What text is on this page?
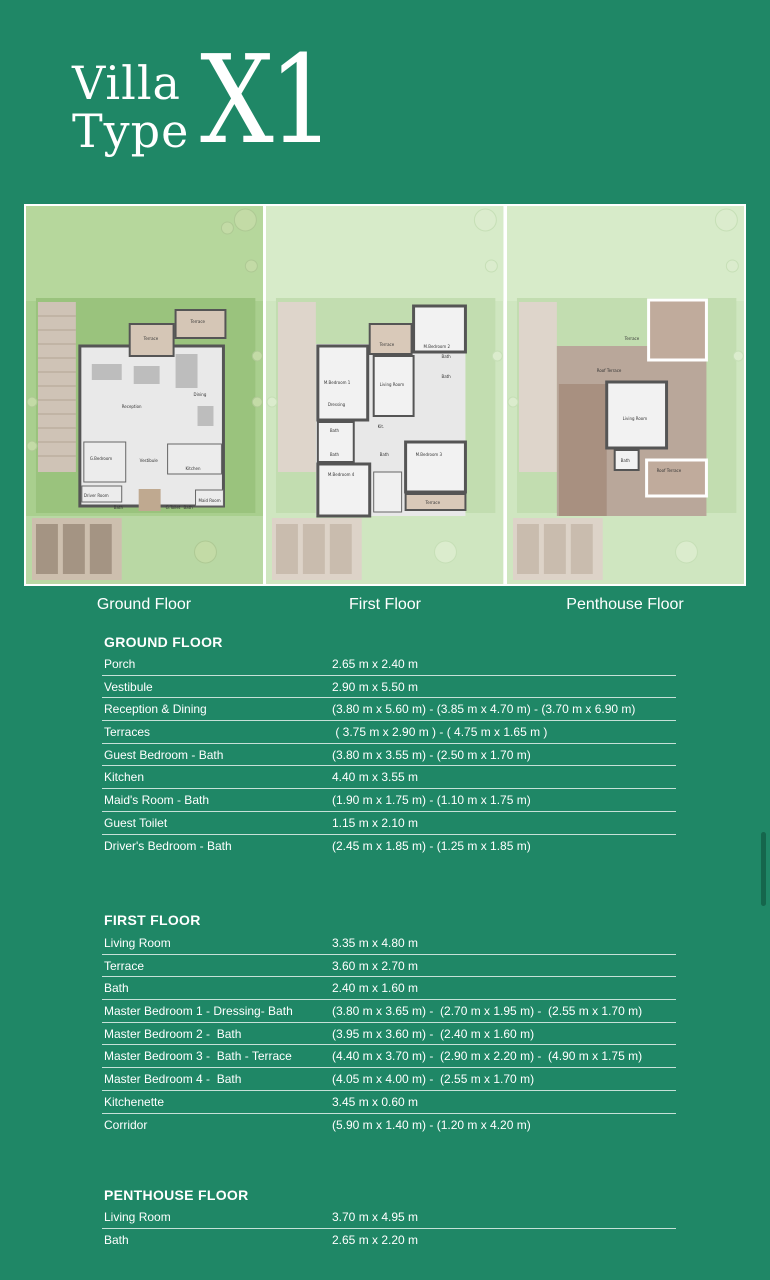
Villa
Type X1
Terrace
Terrace
Dining
Reception
G.Bedroom	Vestibule
Kitchen
Driver Room
Bath	G.Toilet Bath
Maid Room
Terrace	M.Bedroom 2
Bath
Bath
M.Bedroom 1	Living Room
Dressing
Bath
Kit.
Bath	Bath	M.Bedroom 3
M.Bedroom 4
Terrace
Terrace
Roof Terrace
Living Room
Bath
Roof Terrace
Ground Floor	First Floor	Penthouse Floor
GROUND FLOOR
Porch	2.65 m x 2.40 m
Vestibule	2.90 m x 5.50 m
Reception & Dining	(3.80 m x 5.60 m) - (3.85 m x 4.70 m) - (3.70 m x 6.90 m)
Terraces	( 3.75 m x 2.90 m ) - ( 4.75 m x 1.65 m )
Guest Bedroom - Bath	(3.80 m x 3.55 m) - (2.50 m x 1.70 m)
Kitchen	4.40 m x 3.55 m
Maid's Room - Bath	(1.90 m x 1.75 m) - (1.10 m x 1.75 m)
Guest Toilet	1.15 m x 2.10 m
Driver's Bedroom - Bath	(2.45 m x 1.85 m) - (1.25 m x 1.85 m)
FIRST FLOOR
Living Room	3.35 m x 4.80 m
Terrace	3.60 m x 2.70 m
Bath	2.40 m x 1.60 m
Master Bedroom 1 - Dressing- Bath	(3.80 m x 3.65 m) -  (2.70 m x 1.95 m) -  (2.55 m x 1.70 m)
Master Bedroom 2 -  Bath	(3.95 m x 3.60 m) -  (2.40 m x 1.60 m)
Master Bedroom 3 -  Bath - Terrace	(4.40 m x 3.70 m) -  (2.90 m x 2.20 m) -  (4.90 m x 1.75 m)
Master Bedroom 4 -  Bath	(4.05 m x 4.00 m) -  (2.55 m x 1.70 m)
Kitchenette	3.45 m x 0.60 m
Corridor	(5.90 m x 1.40 m) - (1.20 m x 4.20 m)
PENTHOUSE FLOOR
Living Room	3.70 m x 4.95 m
Bath	2.65 m x 2.20 m
